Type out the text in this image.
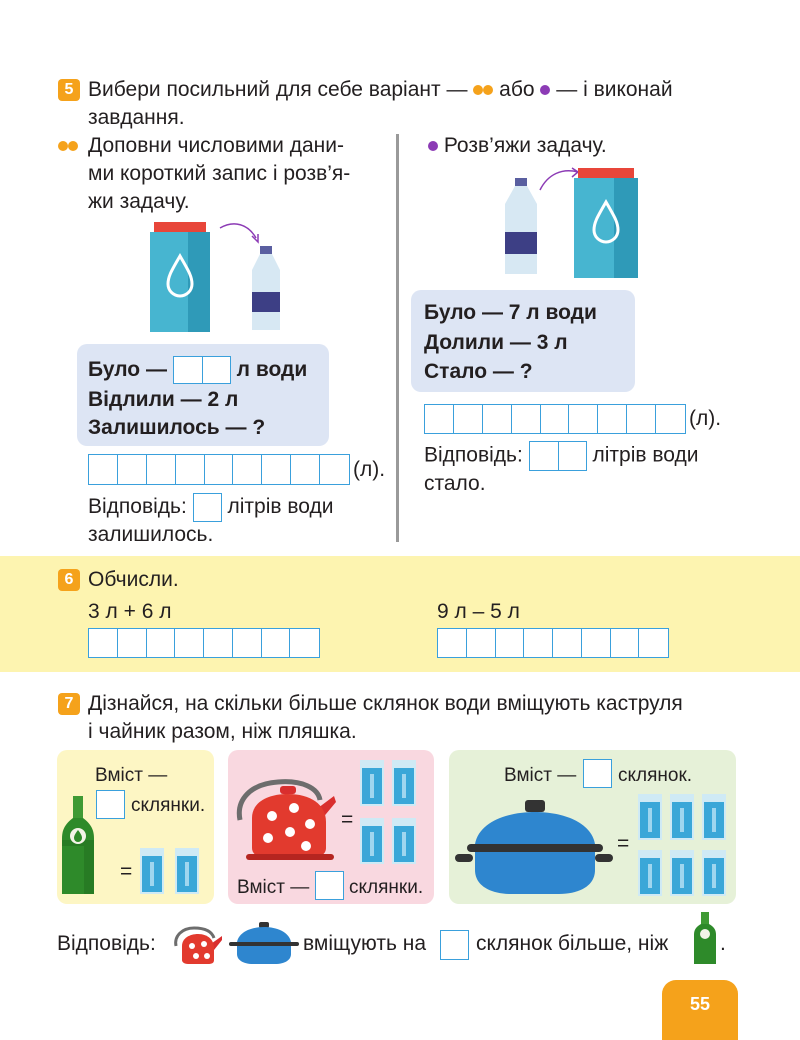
5 Вибери посильний для себе варіант — або — і виконай
завдання.
Доповни числовими дани-
ми короткий запис і розв’я-
жи задачу.
Було —	л води
Відлили — 2 л
Залишилось — ?
(л).
Відповідь: літрів води
залишилось.
Розв’яжи задачу.
Було — 7 л води
Долили — 3 л
Стало — ?
(л).
Відповідь:	літрів води
стало.
6 Обчисли.
3 л + 6 л	9 л – 5 л
7 Дізнайся, на скільки більше склянок води вміщують каструля
і чайник разом, ніж пляшка.
Вміст —
склянки.
=
=
Вміст — склянки.
Вміст — склянок.
=
Відповідь:	вміщують на склянок більше, ніж .
55
